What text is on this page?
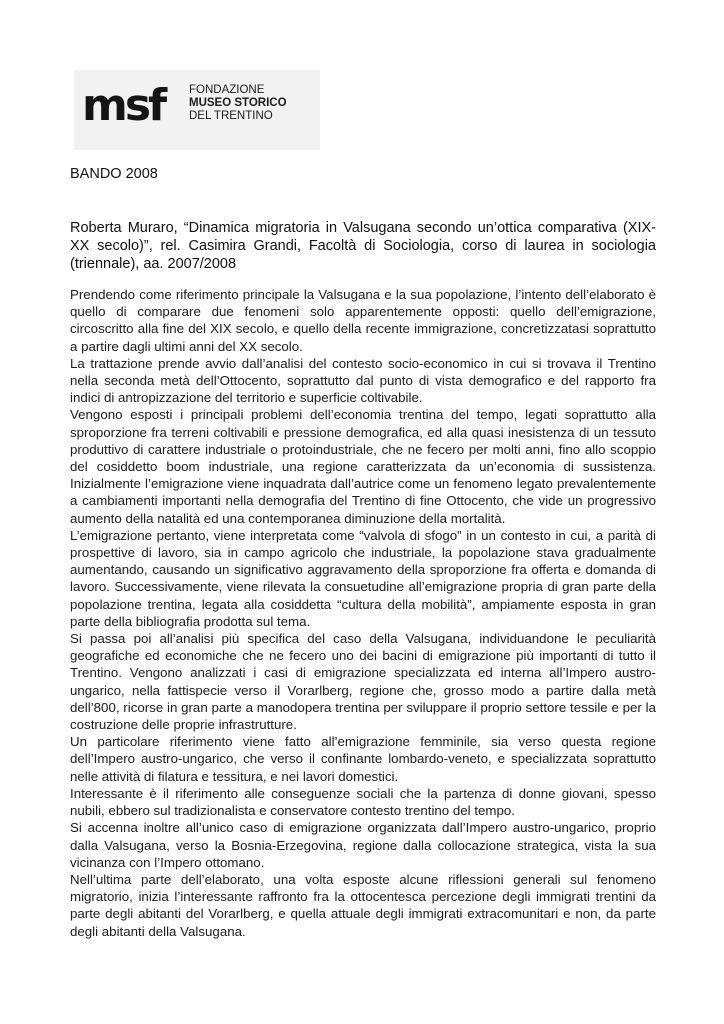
msf FONDAZIONE
MUSEO STORICO
DEL TRENTINO
BANDO 2008
Roberta Muraro, “Dinamica migratoria in Valsugana secondo un’ottica comparativa (XIX-XX secolo)”, rel. Casimira Grandi, Facoltà di Sociologia, corso di laurea in sociologia (triennale), aa. 2007/2008

Prendendo come riferimento principale la Valsugana e la sua popolazione, l’intento dell’elaborato è quello di comparare due fenomeni solo apparentemente opposti: quello dell’emigrazione, circoscritto alla fine del XIX secolo, e quello della recente immigrazione, concretizzatasi soprattutto a partire dagli ultimi anni del XX secolo.

La trattazione prende avvio dall’analisi del contesto socio-economico in cui si trovava il Trentino nella seconda metà dell’Ottocento, soprattutto dal punto di vista demografico e del rapporto fra indici di antropizzazione del territorio e superficie coltivabile.

Vengono esposti i principali problemi dell’economia trentina del tempo, legati soprattutto alla sproporzione fra terreni coltivabili e pressione demografica, ed alla quasi inesistenza di un tessuto produttivo di carattere industriale o protoindustriale, che ne fecero per molti anni, fino allo scoppio del cosiddetto boom industriale, una regione caratterizzata da un’economia di sussistenza. Inizialmente l’emigrazione viene inquadrata dall’autrice come un fenomeno legato prevalentemente a cambiamenti importanti nella demografia del Trentino di fine Ottocento, che vide un progressivo aumento della natalità ed una contemporanea diminuzione della mortalità.

L’emigrazione pertanto, viene interpretata come “valvola di sfogo” in un contesto in cui, a parità di prospettive di lavoro, sia in campo agricolo che industriale, la popolazione stava gradualmente aumentando, causando un significativo aggravamento della sproporzione fra offerta e domanda di lavoro. Successivamente, viene rilevata la consuetudine all’emigrazione propria di gran parte della popolazione trentina, legata alla cosiddetta “cultura della mobilità”, ampiamente esposta in gran parte della bibliografia prodotta sul tema.

Si passa poi all’analisi più specifica del caso della Valsugana, individuandone le peculiarità geografiche ed economiche che ne fecero uno dei bacini di emigrazione più importanti di tutto il Trentino. Vengono analizzati i casi di emigrazione specializzata ed interna all’Impero austro-ungarico, nella fattispecie verso il Vorarlberg, regione che, grosso modo a partire dalla metà dell’800, ricorse in gran parte a manodopera trentina per sviluppare il proprio settore tessile e per la costruzione delle proprie infrastrutture.

Un particolare riferimento viene fatto all’emigrazione femminile, sia verso questa regione dell’Impero austro-ungarico, che verso il confinante lombardo-veneto, e specializzata soprattutto nelle attività di filatura e tessitura, e nei lavori domestici.

Interessante è il riferimento alle conseguenze sociali che la partenza di donne giovani, spesso nubili, ebbero sul tradizionalista e conservatore contesto trentino del tempo.

Si accenna inoltre all’unico caso di emigrazione organizzata dall’Impero austro-ungarico, proprio dalla Valsugana, verso la Bosnia-Erzegovina, regione dalla collocazione strategica, vista la sua vicinanza con l’Impero ottomano.

Nell’ultima parte dell’elaborato, una volta esposte alcune riflessioni generali sul fenomeno migratorio, inizia l’interessante raffronto fra la ottocentesca percezione degli immigrati trentini da parte degli abitanti del Vorarlberg, e quella attuale degli immigrati extracomunitari e non, da parte degli abitanti della Valsugana.
